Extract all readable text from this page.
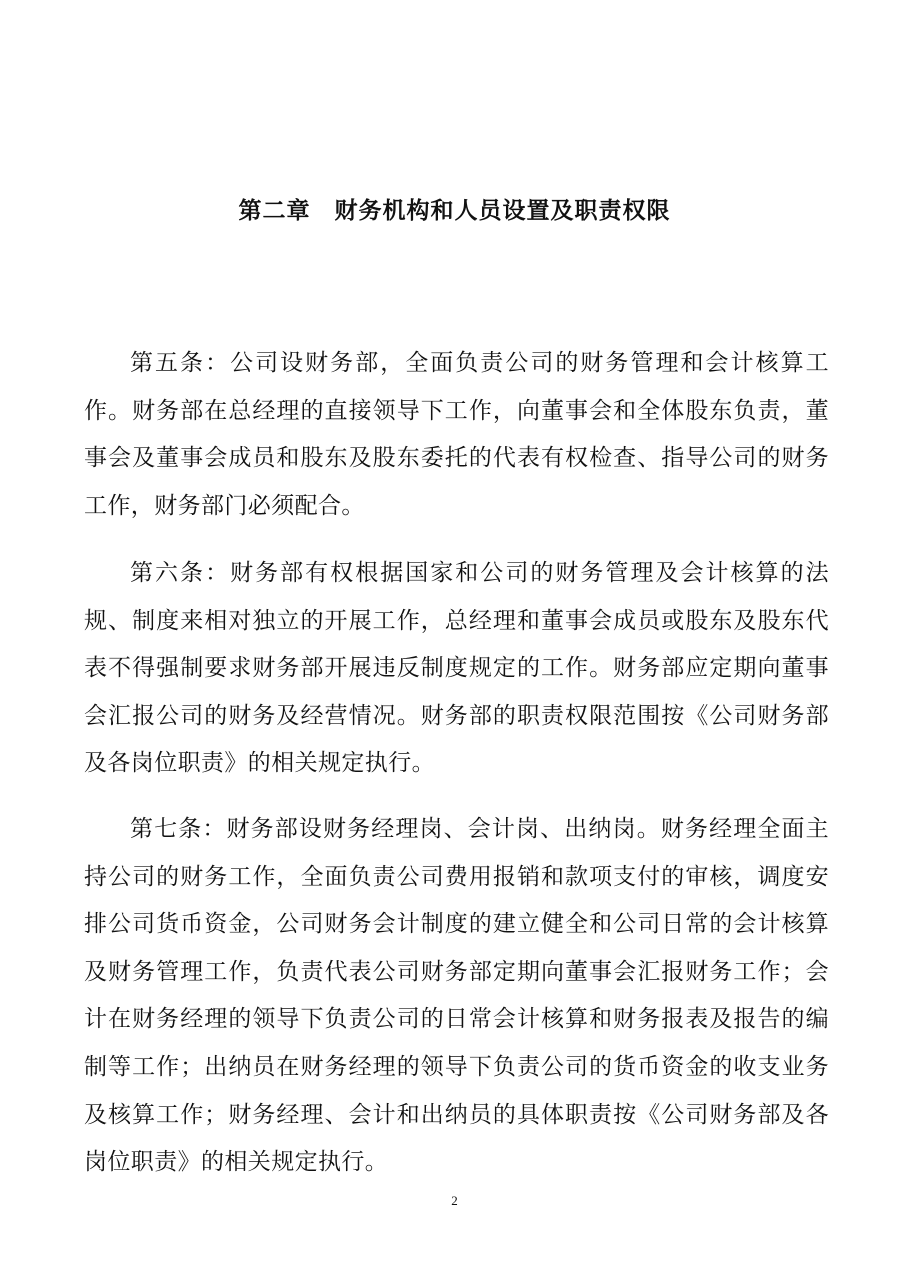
第二章　财务机构和人员设置及职责权限

第五条：公司设财务部，全面负责公司的财务管理和会计核算工作。财务部在总经理的直接领导下工作，向董事会和全体股东负责，董事会及董事会成员和股东及股东委托的代表有权检查、指导公司的财务工作，财务部门必须配合。

第六条：财务部有权根据国家和公司的财务管理及会计核算的法规、制度来相对独立的开展工作，总经理和董事会成员或股东及股东代表不得强制要求财务部开展违反制度规定的工作。财务部应定期向董事会汇报公司的财务及经营情况。财务部的职责权限范围按《公司财务部及各岗位职责》的相关规定执行。

第七条：财务部设财务经理岗、会计岗、出纳岗。财务经理全面主持公司的财务工作，全面负责公司费用报销和款项支付的审核，调度安排公司货币资金，公司财务会计制度的建立健全和公司日常的会计核算及财务管理工作，负责代表公司财务部定期向董事会汇报财务工作；会计在财务经理的领导下负责公司的日常会计核算和财务报表及报告的编制等工作；出纳员在财务经理的领导下负责公司的货币资金的收支业务及核算工作；财务经理、会计和出纳员的具体职责按《公司财务部及各岗位职责》的相关规定执行。

2
